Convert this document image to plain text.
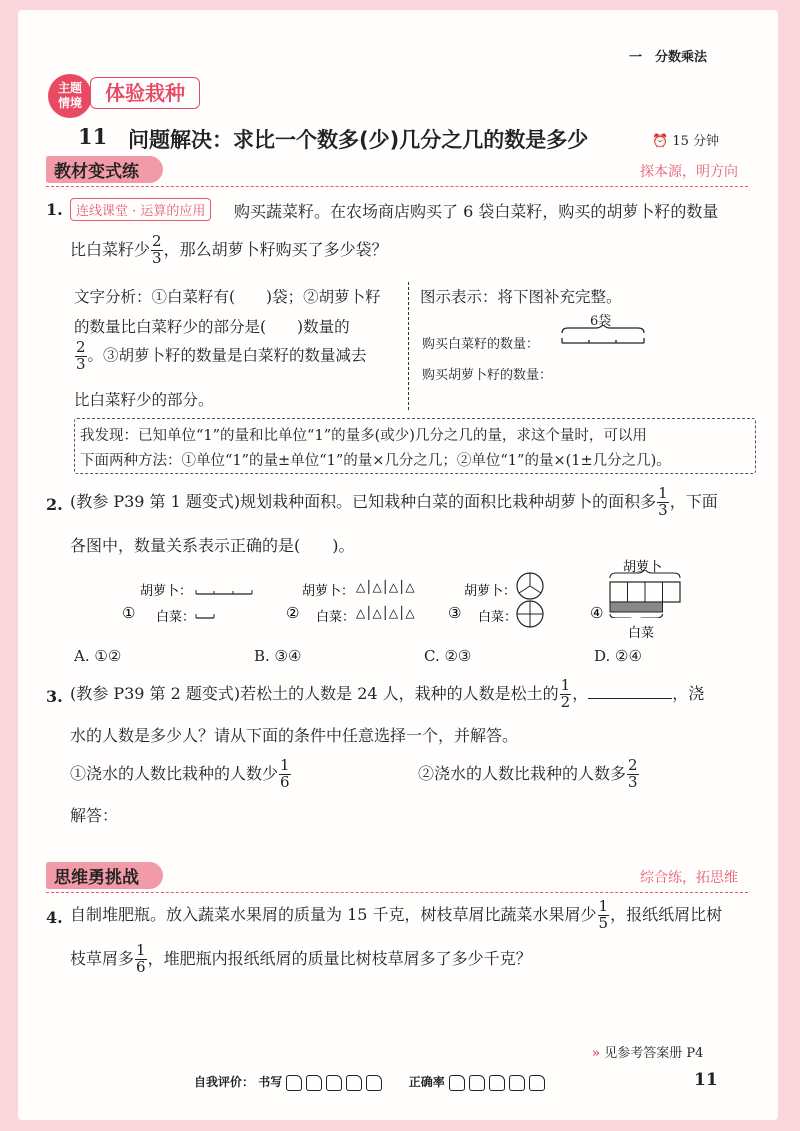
一　分数乘法
主题情境	体验栽种
11 问题解决：求比一个数多(少)几分之几的数是多少	⏰ 15 分钟
教材变式练	探本源，明方向
1.	连线课堂 · 运算的应用	购买蔬菜籽。在农场商店购买了 6 袋白菜籽，购买的胡萝卜籽的数量
比白菜籽少 $\frac{2}{3}$ ，那么胡萝卜籽购买了多少袋？
文字分析：①白菜籽有(　　)袋；②胡萝卜籽
的数量比白菜籽少的部分是(　　)数量的
$\frac{2}{3}$ 。③胡萝卜籽的数量是白菜籽的数量减去
比白菜籽少的部分。
图示表示：将下图补充完整。
6袋
购买白菜籽的数量：
购买胡萝卜籽的数量：
我发现：已知单位“1”的量和比单位“1”的量多(或少)几分之几的量，求这个量时，可以用
下面两种方法：①单位“1”的量±单位“1”的量×几分之几；②单位“1”的量×(1±几分之几)。
2. (教参 P39 第 1 题变式)规划栽种面积。已知栽种白菜的面积比栽种胡萝卜的面积多 $\frac{1}{3}$ ，下面
各图中，数量关系表示正确的是(　　)。
胡萝卜：
① 白菜：
胡萝卜： △│△│△│△
② 白菜： △│△│△│△
胡萝卜：
③ 白菜：	④
胡萝卜
白菜
A. ①②	B. ③④	C. ②③	D. ②④
3. (教参 P39 第 2 题变式)若松土的人数是 24 人，栽种的人数是松土的 $\frac{1}{2}$ ，	，浇
水的人数是多少人？请从下面的条件中任意选择一个，并解答。
①浇水的人数比栽种的人数少 $\frac{1}{6}$	②浇水的人数比栽种的人数多 $\frac{2}{3}$
解答：
思维勇挑战	综合练，拓思维
4. 自制堆肥瓶。放入蔬菜水果屑的质量为 15 千克，树枝草屑比蔬菜水果屑少 $\frac{1}{5}$ ，报纸纸屑比树
枝草屑多 $\frac{1}{6}$ ，堆肥瓶内报纸纸屑的质量比树枝草屑多了多少千克？
» 见参考答案册 P4
自我评价： 书写	正确率	11
